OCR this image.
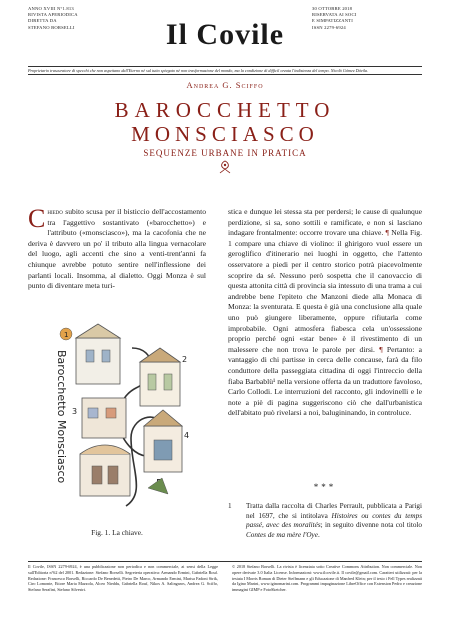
ANNO XVIII N°1.813
RIVISTA APERIODICA
DIRETTA DA
STEFANO BORSELLI	Il Covile
30 OTTOBRE 2018
RISERVATA AI SOCI
E SIMPATIZZANTI
ISSN 2279-6924
Proprietario trascuratore di specchi che non aspettano dall'Eterno nè sul tutto spiegato nè non trasformazione del mondo, ma la condizione di difficil orzata l'indistenza del tempo. Nicolò Gómez Dávila.
Andrea G. Sciffo
BAROCCHETTO
MONSCIASCO
SEQUENZE URBANE IN PRATICA
Chiedo subito scusa per il bisticcio dell'accostamento tra l'aggettivo sostantivato («barocchetto») e l'attributo («monsciasco»), ma la cacofonia che ne deriva è davvero un po' il tributo alla lingua vernacolare del luogo, agli accenti che sino a venti-trent'anni fa chiunque avrebbe potuto sentire nell'inflessione dei parlanti locali. Insomma, al dialetto. Oggi Monza è sul punto di diventare meta turi-
1
2
3
4
Barocchetto Monsciasco
Fig. 1. La chiave.
stica e dunque lei stessa sta per perdersi; le cause di qualunque perdizione, si sa, sono sottili e ramificate, e non si lasciano indagare frontalmente: occorre trovare una chiave. ¶ Nella Fig. 1 compare una chiave di violino: il ghirigoro vuol essere un geroglifico d'itinerario nei luoghi in oggetto, che l'attento osservatore a piedi per il centro storico potrà piacevolmente scoprire da sé. Nessuno però sospetta che il canovaccio di questa attonita città di provincia sia intessuto di una trama a cui andrebbe bene l'epiteto che Manzoni diede alla Monaca di Monza: la sventurata. E questa è già una conclusione alla quale uno può giungere liberamente, oppure rifiutarla come improbabile. Ogni atmosfera fiabesca cela un'ossessione proprio perché ogni «star bene» è il rivestimento di un malessere che non trova le parole per dirsi. ¶ Pertanto: a vantaggio di chi partisse in cerca delle concause, farà da filo conduttore della passeggiata cittadina di oggi l'intreccio della fiaba Barbablù¹ nella versione offerta da un traduttore favoloso, Carlo Collodi. Le interruzioni del racconto, gli indovinelli e le note a piè di pagina suggeriscono ciò che dall'urbanistica dell'abitato può rivelarsi a noi, balugininando, in controluce.
***
1 Tratta dalla raccolta di Charles Perrault, pubblicata a Parigi nel 1697, che si intitolava Histoires ou contes du temps passé, avec des moralités; in seguito divenne nota col titolo Contes de ma mère l'Oye.
Il Covile, ISSN 2279-6924, è una pubblicazione non periodica e non commerciale, ai sensi della Legge sull'Editoria n°62 del 2001. Redazione: Stefano Borselli. Segreteria operativa: Armando Ermini, Gabriella Rouf. Redazione: Francesco Borselli, Riccardo De Benedetti, Pietro De Marco, Armando Ermini, Marisa Fadoni Strik, Ciro Lomonte, Ettore Maria Mazzola, Alceo Nieddu, Gabriella Rouf, Nikos A. Salingaros, Andrea G. Sciffo, Stefano Serafini, Stefano Silvestri.
© 2018 Stefano Borselli. La rivista è licenziata sotto Creative Commons Attribution. Non commerciale. Non opere derivate 3.0 Italia License. Informazioni: www.ilcovile.it. Il covile@gmail.com. Caratteri utilizzati: per la testata I Morris Roman di Dieter Steffmann e gli Educazione di Manfred Klein; per il testo i Fell Types realizzati da Igino Marini, www.iginomarini.com. Programmi impaginazione LibreOffice con Extension Pedro e creazione immagini GIMP e FotoSketcher.
